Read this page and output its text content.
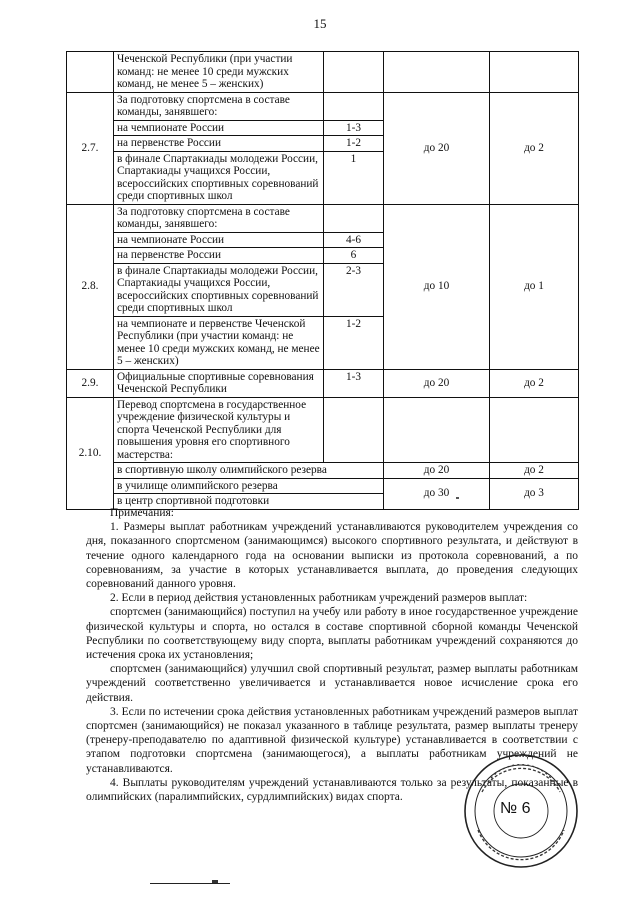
15
	Чеченской Республики (при участии команд: не менее 10 среди мужских команд, не менее 5 – женских)			
2.7.	За подготовку спортсмена в составе команды, занявшего:		до 20	до 2
	на чемпионате России	1-3		
	на первенстве России	1-2		
	в финале Спартакиады молодежи России, Спартакиады учащихся России, всероссийских спортивных соревнований среди спортивных школ	1		
2.8.	За подготовку спортсмена в составе команды, занявшего:		до 10	до 1
	на чемпионате России	4-6		
	на первенстве России	6		
	в финале Спартакиады молодежи России, Спартакиады учащихся России, всероссийских спортивных соревнований среди спортивных школ	2-3		
	на чемпионате и первенстве Чеченской Республики (при участии команд: не менее 10 среди мужских команд, не менее 5 – женских)	1-2		
2.9.	Официальные спортивные соревнования Чеченской Республики	1-3	до 20	до 2
2.10.	Перевод спортсмена в государственное учреждение физической культуры и спорта Чеченской Республики для повышения уровня его спортивного мастерства:			
	в спортивную школу олимпийского резерва		до 20	до 2
	в училище олимпийского резерва		до 30	до 3
	в центр спортивной подготовки			

Примечания:

1. Размеры выплат работникам учреждений устанавливаются руководителем учреждения со дня, показанного спортсменом (занимающимся) высокого спортивного результата, и действуют в течение одного календарного года на основании выписки из протокола соревнований, а по соревнованиям, за участие в которых устанавливается выплата, до проведения следующих соревнований данного уровня.

2. Если в период действия установленных работникам учреждений размеров выплат:

спортсмен (занимающийся) поступил на учебу или работу в иное государственное учреждение физической культуры и спорта, но остался в составе спортивной сборной команды Чеченской Республики по соответствующему виду спорта, выплаты работникам учреждений сохраняются до истечения срока их установления;

спортсмен (занимающийся) улучшил свой спортивный результат, размер выплаты работникам учреждений соответственно увеличивается и устанавливается новое исчисление срока его действия.

3. Если по истечении срока действия установленных работникам учреждений размеров выплат спортсмен (занимающийся) не показал указанного в таблице результата, размер выплаты тренеру (тренеру-преподавателю по адаптивной физической культуре) устанавливается в соответствии с этапом подготовки спортсмена (занимающегося), а выплаты работникам учреждений не устанавливаются.

4. Выплаты руководителям учреждений устанавливаются только за результаты, показанные в олимпийских (паралимпийских, сурдлимпийских) видах спорта.

№ 6
